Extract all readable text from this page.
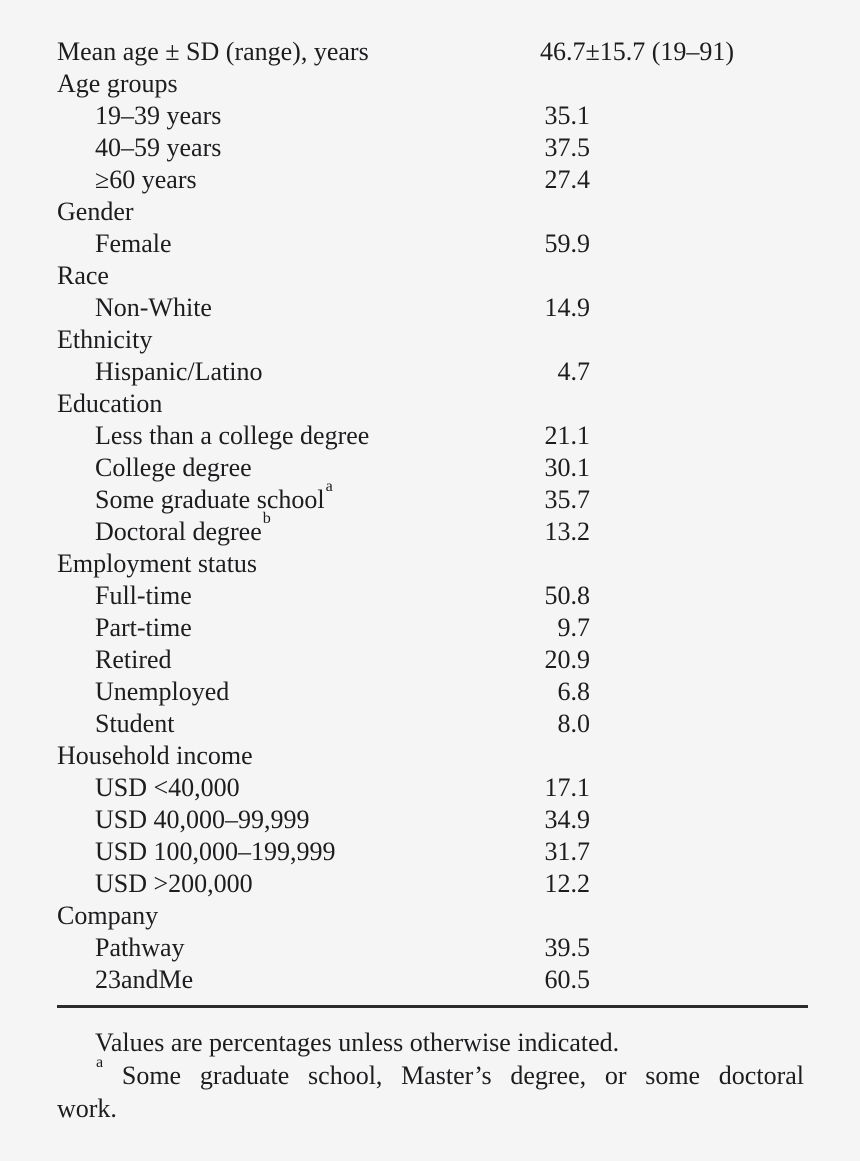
Mean age ± SD (range), years	46.7±15.7 (19–91)
Age groups
19–39 years	35.1
40–59 years	37.5
≥60 years	27.4
Gender
Female	59.9
Race
Non-White	14.9
Ethnicity
Hispanic/Latino	4.7
Education
Less than a college degree	21.1
College degree	30.1
Some graduate school$^a$	35.7
Doctoral degree$^b$	13.2
Employment status
Full-time	50.8
Part-time	9.7
Retired	20.9
Unemployed	6.8
Student	8.0
Household income
USD <40,000	17.1
USD 40,000–99,999	34.9
USD 100,000–199,999	31.7
USD >200,000	12.2
Company
Pathway	39.5
23andMe	60.5

Values are percentages unless otherwise indicated.

$^a$ Some graduate school, Master’s degree, or some doctoral

work.
